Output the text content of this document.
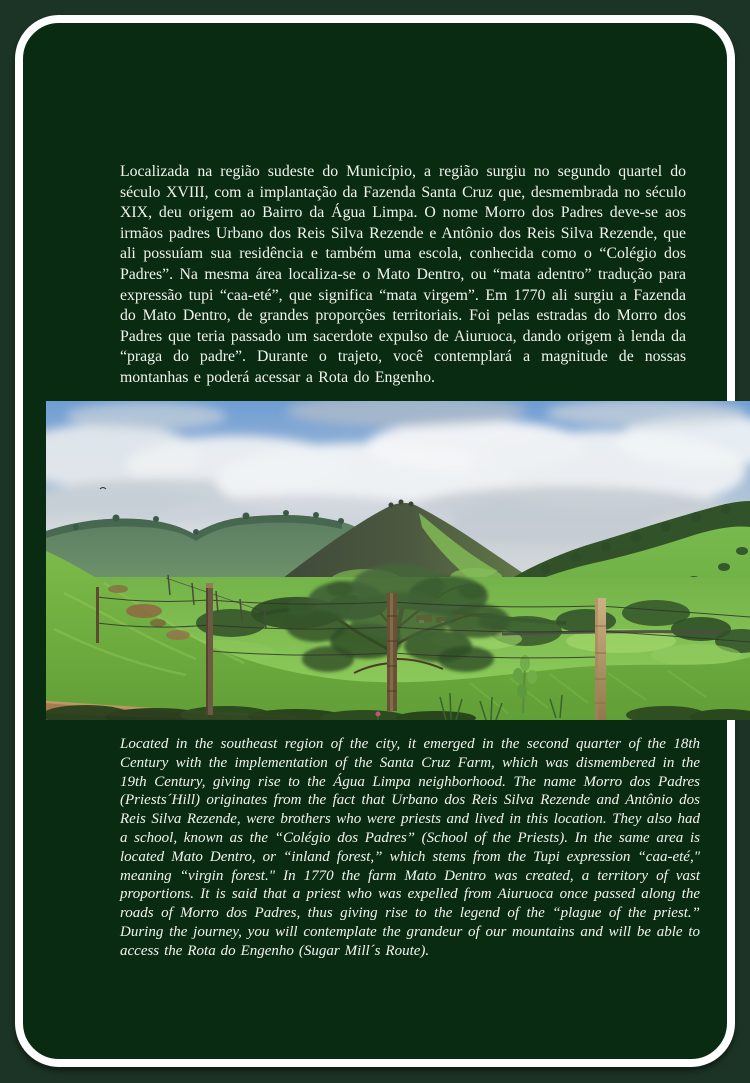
Localizada na região sudeste do Município, a região surgiu no segundo quartel do século XVIII, com a implantação da Fazenda Santa Cruz que, desmembrada no século XIX, deu origem ao Bairro da Água Limpa. O nome Morro dos Padres deve-se aos irmãos padres Urbano dos Reis Silva Rezende e Antônio dos Reis Silva Rezende, que ali possuíam sua residência e também uma escola, conhecida como o “Colégio dos Padres”. Na mesma área localiza-se o Mato Dentro, ou “mata adentro” tradução para expressão tupi “caa-eté”, que significa “mata virgem”. Em 1770 ali surgiu a Fazenda do Mato Dentro, de grandes proporções territoriais. Foi pelas estradas do Morro dos Padres que teria passado um sacerdote expulso de Aiuruoca, dando origem à lenda da “praga do padre”. Durante o trajeto, você contemplará a magnitude de nossas montanhas e poderá acessar a Rota do Engenho.

Located in the southeast region of the city, it emerged in the second quarter of the 18th Century with the implementation of the Santa Cruz Farm, which was dismembered in the 19th Century, giving rise to the Água Limpa neighborhood. The name Morro dos Padres (Priests´Hill) originates from the fact that Urbano dos Reis Silva Rezende and Antônio dos Reis Silva Rezende, were brothers who were priests and lived in this location. They also had a school, known as the “Colégio dos Padres” (School of the Priests). In the same area is located Mato Dentro, or “inland forest,” which stems from the Tupi expression “caa-eté," meaning “virgin forest." In 1770 the farm Mato Dentro was created, a territory of vast proportions. It is said that a priest who was expelled from Aiuruoca once passed along the roads of Morro dos Padres, thus giving rise to the legend of the “plague of the priest.” During the journey, you will contemplate the grandeur of our mountains and will be able to access the Rota do Engenho (Sugar Mill´s Route).
